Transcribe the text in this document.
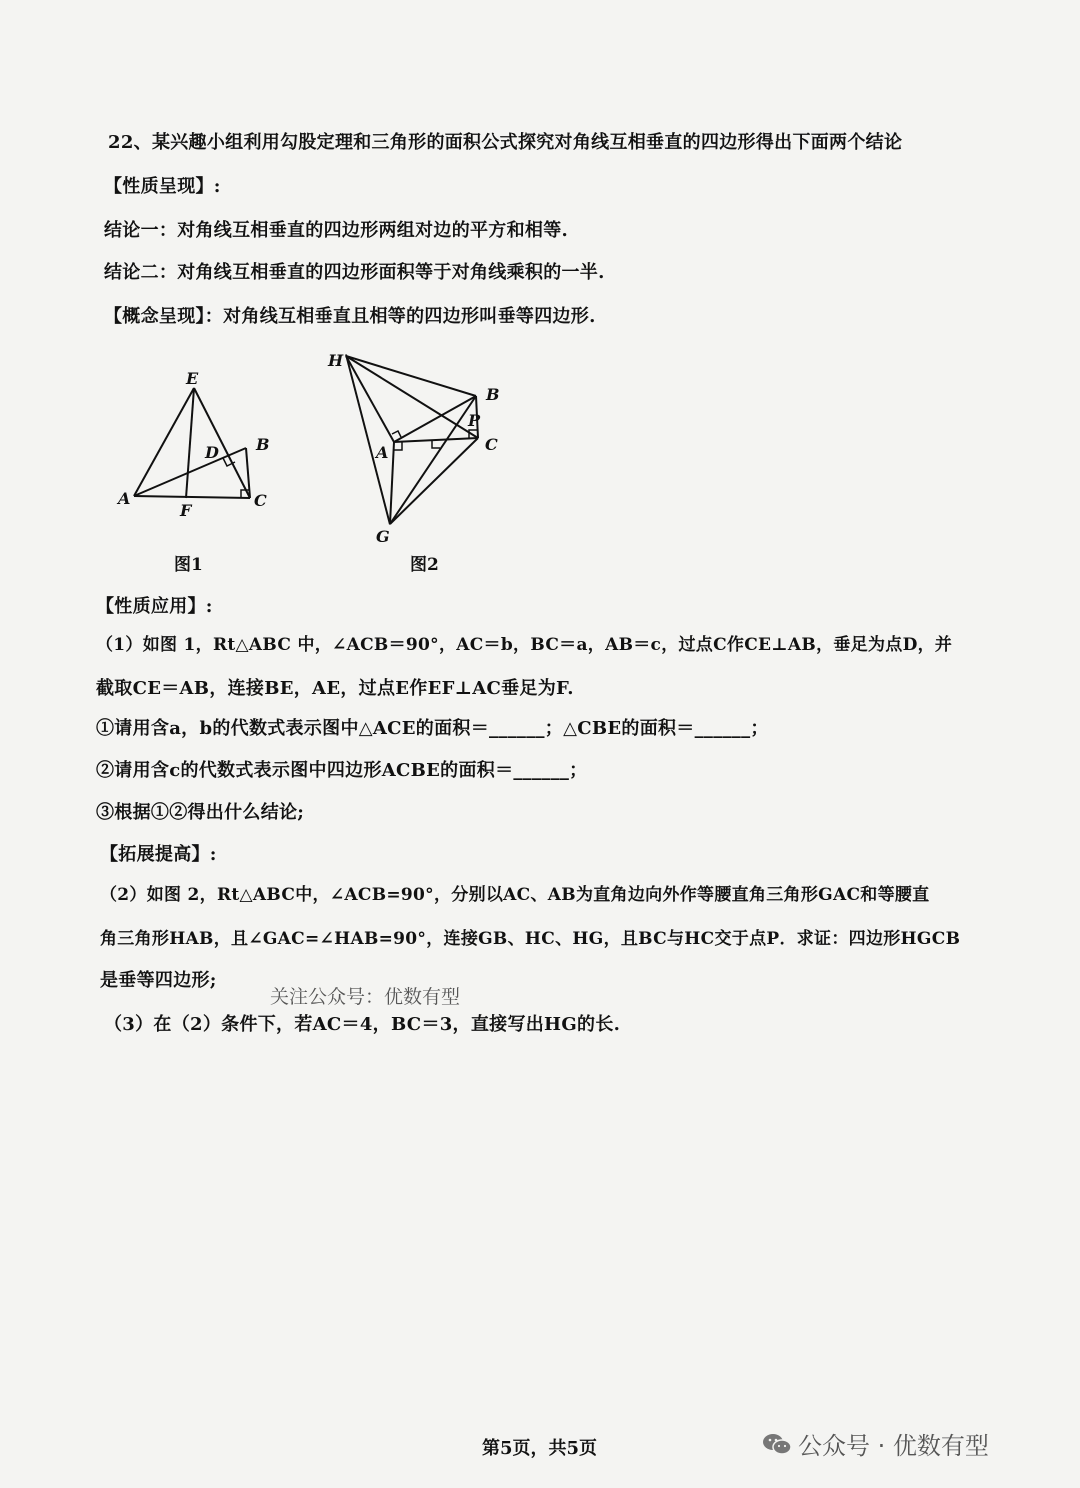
22、某兴趣小组利用勾股定理和三角形的面积公式探究对角线互相垂直的四边形得出下面两个结论
【性质呈现】:
结论一：对角线互相垂直的四边形两组对边的平方和相等.
结论二：对角线互相垂直的四边形面积等于对角线乘积的一半.
【概念呈现】：对角线互相垂直且相等的四边形叫垂等四边形.
E
D B
A
F
C
图1
H
B
P
A	C
G
图2
【性质应用】:
（1）如图 1，Rt△ABC 中，∠ACB＝90°，AC＝b，BC＝a，AB＝c，过点C作CE⊥AB，垂足为点D，并
截取CE＝AB，连接BE，AE，过点E作EF⊥AC垂足为F.
①请用含a，b的代数式表示图中△ACE的面积＝______；△CBE的面积＝______；
②请用含c的代数式表示图中四边形ACBE的面积＝______；
③根据①②得出什么结论;
【拓展提高】:
（2）如图 2，Rt△ABC中，∠ACB=90°，分别以AC、AB为直角边向外作等腰直角三角形GAC和等腰直
角三角形HAB，且∠GAC=∠HAB=90°，连接GB、HC、HG，且BC与HC交于点P．求证：四边形HGCB
是垂等四边形;
关注公众号：优数有型
（3）在（2）条件下，若AC＝4，BC＝3，直接写出HG的长.
第5页，共5页	公众号 · 优数有型
